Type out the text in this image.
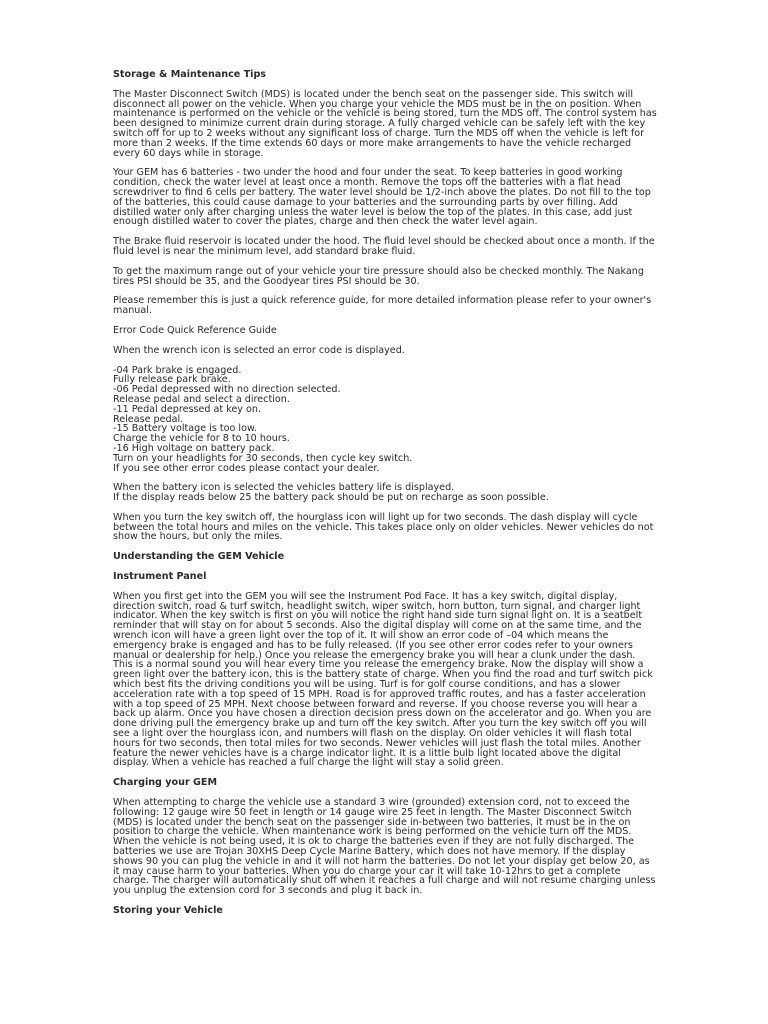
Storage & Maintenance Tips

The Master Disconnect Switch (MDS) is located under the bench seat on the passenger side. This switch will disconnect all power on the vehicle. When you charge your vehicle the MDS must be in the on position. When maintenance is performed on the vehicle or the vehicle is being stored, turn the MDS off. The control system has been designed to minimize current drain during storage. A fully charged vehicle can be safely left with the key switch off for up to 2 weeks without any significant loss of charge. Turn the MDS off when the vehicle is left for more than 2 weeks. If the time extends 60 days or more make arrangements to have the vehicle recharged every 60 days while in storage.

Your GEM has 6 batteries - two under the hood and four under the seat. To keep batteries in good working condition, check the water level at least once a month. Remove the tops off the batteries with a flat head screwdriver to find 6 cells per battery. The water level should be 1/2-inch above the plates. Do not fill to the top of the batteries, this could cause damage to your batteries and the surrounding parts by over filling. Add distilled water only after charging unless the water level is below the top of the plates. In this case, add just enough distilled water to cover the plates, charge and then check the water level again.

The Brake fluid reservoir is located under the hood. The fluid level should be checked about once a month. If the fluid level is near the minimum level, add standard brake fluid.

To get the maximum range out of your vehicle your tire pressure should also be checked monthly. The Nakang tires PSI should be 35, and the Goodyear tires PSI should be 30.

Please remember this is just a quick reference guide, for more detailed information please refer to your owner's manual.

Error Code Quick Reference Guide

When the wrench icon is selected an error code is displayed.

-04 Park brake is engaged.
Fully release park brake.
-06 Pedal depressed with no direction selected.
Release pedal and select a direction.
-11 Pedal depressed at key on.
Release pedal.
-15 Battery voltage is too low.
Charge the vehicle for 8 to 10 hours.
-16 High voltage on battery pack.
Turn on your headlights for 30 seconds, then cycle key switch.
If you see other error codes please contact your dealer.
When the battery icon is selected the vehicles battery life is displayed.
If the display reads below 25 the battery pack should be put on recharge as soon possible.

When you turn the key switch off, the hourglass icon will light up for two seconds. The dash display will cycle between the total hours and miles on the vehicle. This takes place only on older vehicles. Newer vehicles do not show the hours, but only the miles.

Understanding the GEM Vehicle

Instrument Panel

When you first get into the GEM you will see the Instrument Pod Face. It has a key switch, digital display, direction switch, road & turf switch, headlight switch, wiper switch, horn button, turn signal, and charger light indicator. When the key switch is first on you will notice the right hand side turn signal light on. It is a seatbelt reminder that will stay on for about 5 seconds. Also the digital display will come on at the same time, and the wrench icon will have a green light over the top of it. It will show an error code of –04 which means the emergency brake is engaged and has to be fully released. (If you see other error codes refer to your owners manual or dealership for help.) Once you release the emergency brake you will hear a clunk under the dash. This is a normal sound you will hear every time you release the emergency brake. Now the display will show a green light over the battery icon, this is the battery state of charge. When you find the road and turf switch pick which best fits the driving conditions you will be using. Turf is for golf course conditions, and has a slower acceleration rate with a top speed of 15 MPH. Road is for approved traffic routes, and has a faster acceleration with a top speed of 25 MPH. Next choose between forward and reverse. If you choose reverse you will hear a back up alarm. Once you have chosen a direction decision press down on the accelerator and go. When you are done driving pull the emergency brake up and turn off the key switch. After you turn the key switch off you will see a light over the hourglass icon, and numbers will flash on the display. On older vehicles it will flash total hours for two seconds, then total miles for two seconds. Newer vehicles will just flash the total miles. Another feature the newer vehicles have is a charge indicator light. It is a little bulb light located above the digital display. When a vehicle has reached a full charge the light will stay a solid green.

Charging your GEM

When attempting to charge the vehicle use a standard 3 wire (grounded) extension cord, not to exceed the following: 12 gauge wire 50 feet in length or 14 gauge wire 25 feet in length. The Master Disconnect Switch (MDS) is located under the bench seat on the passenger side in-between two batteries, it must be in the on position to charge the vehicle. When maintenance work is being performed on the vehicle turn off the MDS. When the vehicle is not being used, it is ok to charge the batteries even if they are not fully discharged. The batteries we use are Trojan 30XHS Deep Cycle Marine Battery, which does not have memory. If the display shows 90 you can plug the vehicle in and it will not harm the batteries. Do not let your display get below 20, as it may cause harm to your batteries. When you do charge your car it will take 10-12hrs to get a complete charge. The charger will automatically shut off when it reaches a full charge and will not resume charging unless you unplug the extension cord for 3 seconds and plug it back in.

Storing your Vehicle
